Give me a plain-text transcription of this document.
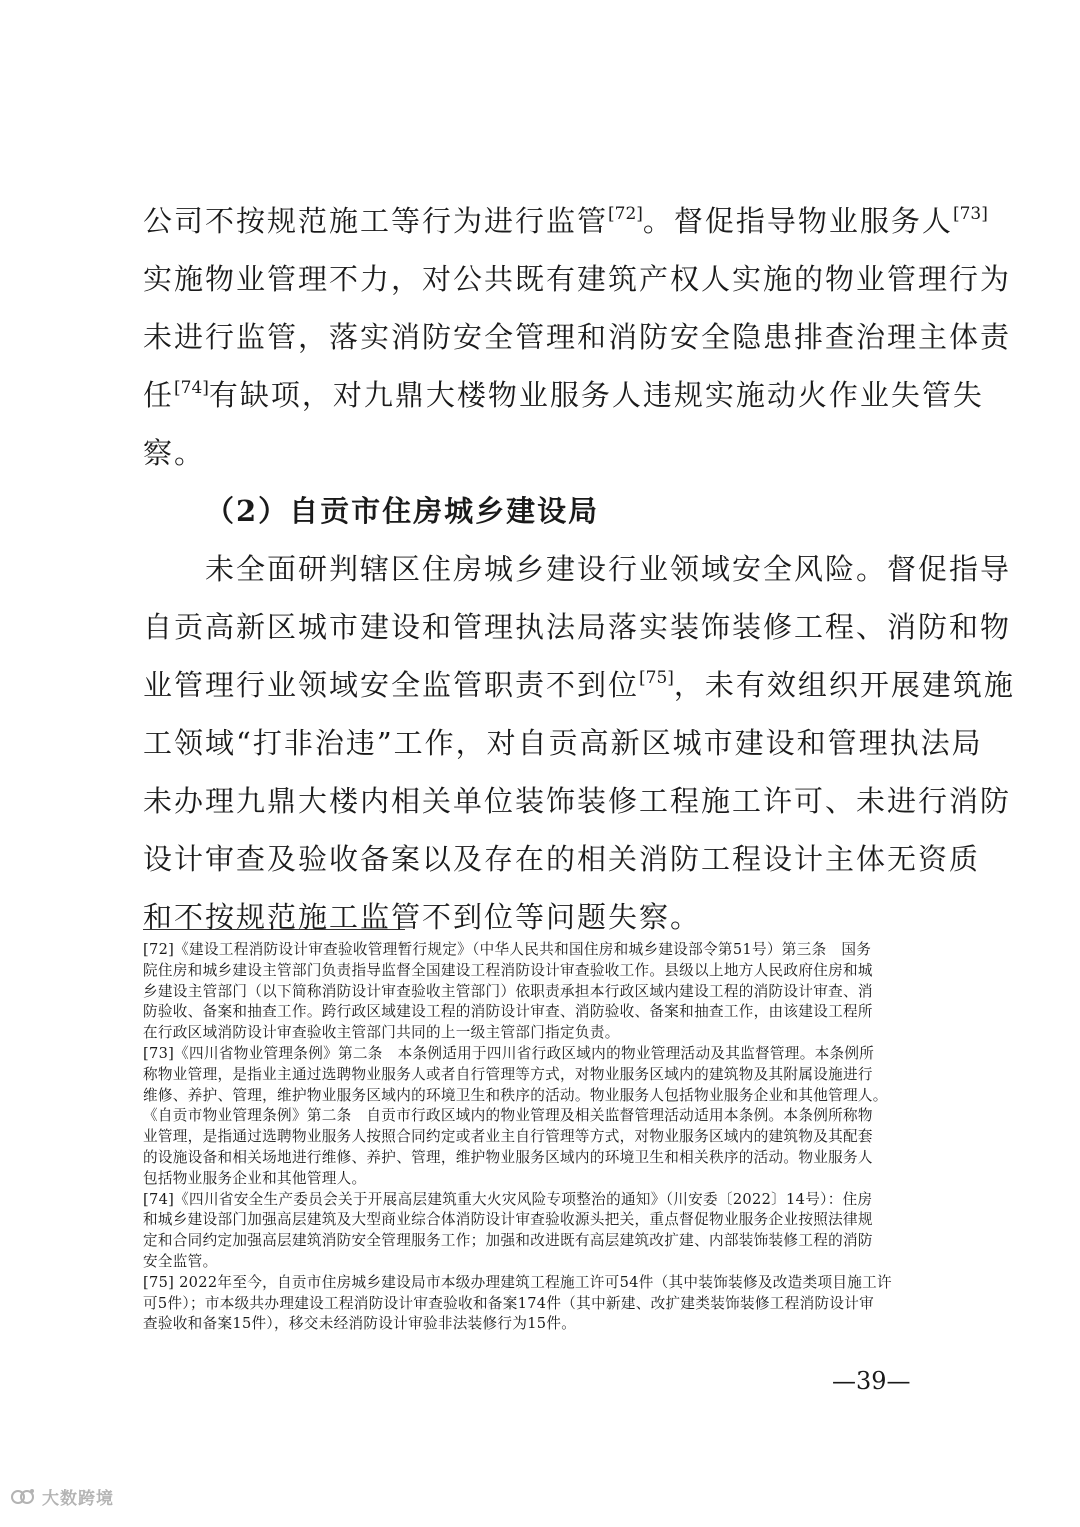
公司不按规范施工等行为进行监管[72]。督促指导物业服务人[73]
实施物业管理不力，对公共既有建筑产权人实施的物业管理行为
未进行监管，落实消防安全管理和消防安全隐患排查治理主体责
任[74]有缺项，对九鼎大楼物业服务人违规实施动火作业失管失
察。
（2）自贡市住房城乡建设局
未全面研判辖区住房城乡建设行业领域安全风险。督促指导
自贡高新区城市建设和管理执法局落实装饰装修工程、消防和物
业管理行业领域安全监管职责不到位[75]，未有效组织开展建筑施
工领域“打非治违”工作，对自贡高新区城市建设和管理执法局
未办理九鼎大楼内相关单位装饰装修工程施工许可、未进行消防
设计审查及验收备案以及存在的相关消防工程设计主体无资质
和不按规范施工监管不到位等问题失察。
[72]《建设工程消防设计审查验收管理暂行规定》（中华人民共和国住房和城乡建设部令第51号）第三条　国务
院住房和城乡建设主管部门负责指导监督全国建设工程消防设计审查验收工作。县级以上地方人民政府住房和城
乡建设主管部门（以下简称消防设计审查验收主管部门）依职责承担本行政区域内建设工程的消防设计审查、消
防验收、备案和抽查工作。跨行政区域建设工程的消防设计审查、消防验收、备案和抽查工作，由该建设工程所
在行政区域消防设计审查验收主管部门共同的上一级主管部门指定负责。
[73]《四川省物业管理条例》第二条　本条例适用于四川省行政区域内的物业管理活动及其监督管理。本条例所
称物业管理，是指业主通过选聘物业服务人或者自行管理等方式，对物业服务区域内的建筑物及其附属设施进行
维修、养护、管理，维护物业服务区域内的环境卫生和秩序的活动。物业服务人包括物业服务企业和其他管理人。
《自贡市物业管理条例》第二条　自贡市行政区域内的物业管理及相关监督管理活动适用本条例。本条例所称物
业管理，是指通过选聘物业服务人按照合同约定或者业主自行管理等方式，对物业服务区域内的建筑物及其配套
的设施设备和相关场地进行维修、养护、管理，维护物业服务区域内的环境卫生和相关秩序的活动。物业服务人
包括物业服务企业和其他管理人。
[74]《四川省安全生产委员会关于开展高层建筑重大火灾风险专项整治的通知》（川安委〔2022〕14号）：住房
和城乡建设部门加强高层建筑及大型商业综合体消防设计审查验收源头把关，重点督促物业服务企业按照法律规
定和合同约定加强高层建筑消防安全管理服务工作；加强和改进既有高层建筑改扩建、内部装饰装修工程的消防
安全监管。
[75] 2022年至今，自贡市住房城乡建设局市本级办理建筑工程施工许可54件（其中装饰装修及改造类项目施工许
可5件）；市本级共办理建设工程消防设计审查验收和备案174件（其中新建、改扩建类装饰装修工程消防设计审
查验收和备案15件），移交未经消防设计审验非法装修行为15件。
—39—
大数跨境
